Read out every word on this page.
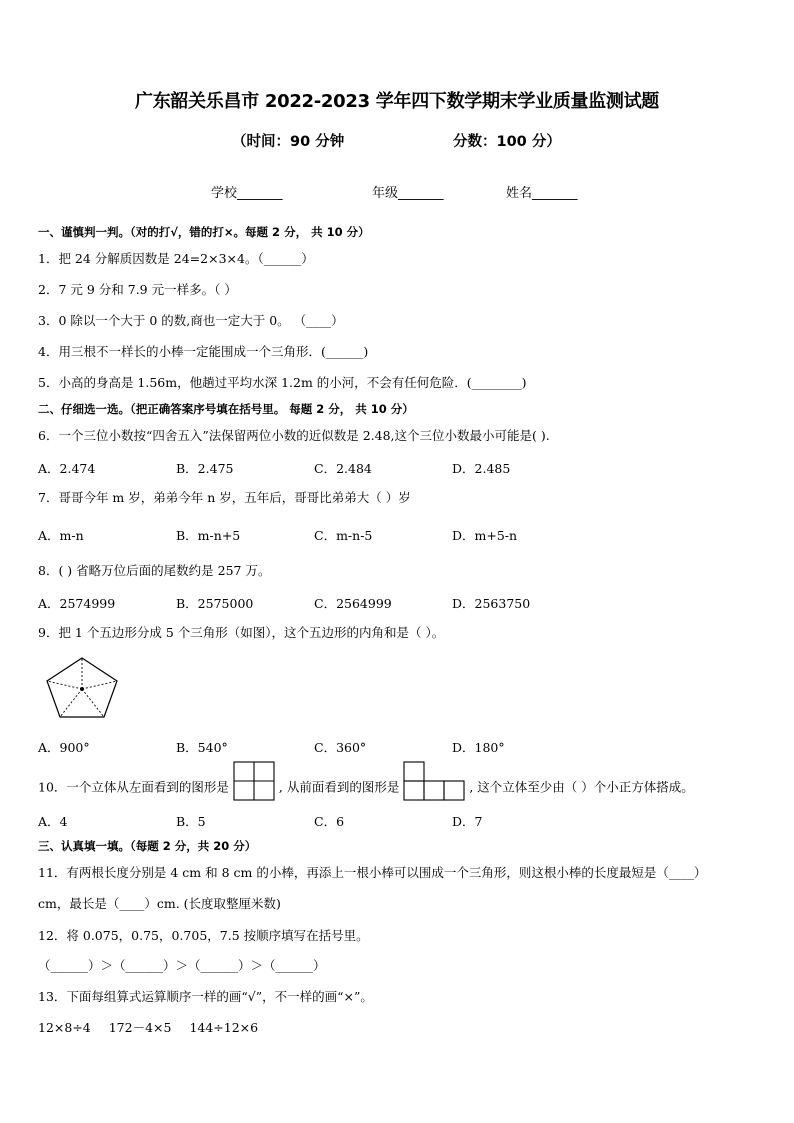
广东韶关乐昌市 2022-2023 学年四下数学期末学业质量监测试题
（时间：90 分钟	分数：100 分）
学校_______	年级_______	姓名_______
一、谨慎判一判。（对的打√，错的打×。每题 2 分， 共 10 分）
1．把 24 分解质因数是 24=2×3×4。（______）
2．7 元 9 分和 7.9 元一样多。（ ）
3．0 除以一个大于 0 的数,商也一定大于 0。 （____）
4．用三根不一样长的小棒一定能围成一个三角形．(______)
5．小高的身高是 1.56m，他趟过平均水深 1.2m 的小河，不会有任何危险．(________)
二、仔细选一选。（把正确答案序号填在括号里。 每题 2 分， 共 10 分）
6．一个三位小数按“四舍五入”法保留两位小数的近似数是 2.48,这个三位小数最小可能是( ).
A．2.474	B．2.475	C．2.484	D．2.485
7．哥哥今年 m 岁，弟弟今年 n 岁，五年后，哥哥比弟弟大（ ）岁
A．m-n	B．m-n+5	C．m-n-5	D．m+5-n
8．( ) 省略万位后面的尾数约是 257 万。
A．2574999	B．2575000	C．2564999	D．2563750
9．把 1 个五边形分成 5 个三角形（如图），这个五边形的内角和是（ ）。
A．900°	B．540°	C．360°	D．180°
10．一个立体从左面看到的图形是	, 从前面看到的图形是	, 这个立体至少由（ ）个小正方体搭成。
A．4	B．5	C．6	D．7
三、认真填一填。（每题 2 分，共 20 分）
11．有两根长度分别是 4 cm 和 8 cm 的小棒，再添上一根小棒可以围成一个三角形，则这根小棒的长度最短是（____）
cm，最长是（____）cm. (长度取整厘米数)
12．将 0.075，0.75，0.705，7.5 按顺序填写在括号里。
（______）＞（______）＞（______）＞（______）
13．下面每组算式运算顺序一样的画“√”，不一样的画“×”。
12×8÷4 172－4×5 144÷12×6
